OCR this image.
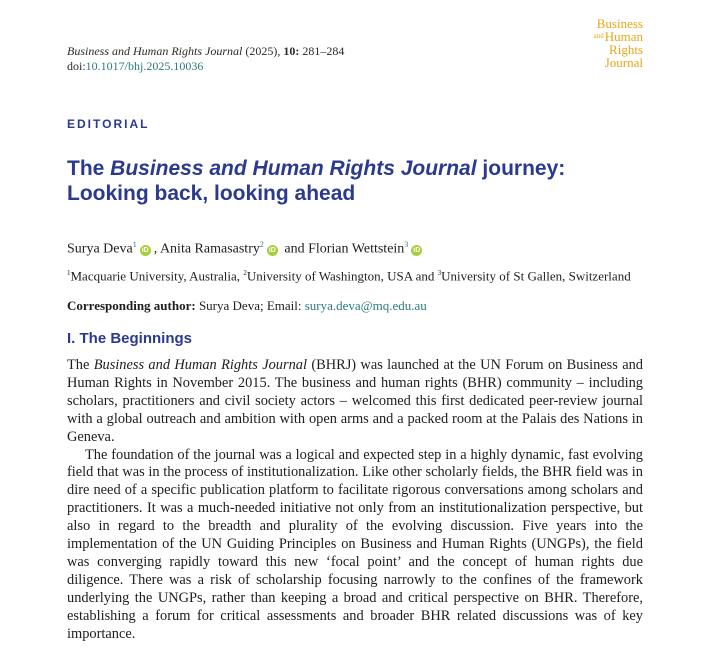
Business and Human Rights Journal (2025), 10: 281–284
doi:10.1017/bhj.2025.10036
Business
$^{and}$Human
Rights
Journal
EDITORIAL
The Business and Human Rights Journal journey: Looking back, looking ahead
Surya Deva$^1$iD , Anita Ramasastry$^2$iD and Florian Wettstein$^3$iD
$^1$Macquarie University, Australia, $^2$University of Washington, USA and $^3$University of St Gallen, Switzerland
Corresponding author: Surya Deva; Email: surya.deva@mq.edu.au
I. The Beginnings

The Business and Human Rights Journal (BHRJ) was launched at the UN Forum on Business and Human Rights in November 2015. The business and human rights (BHR) community – including scholars, practitioners and civil society actors – welcomed this first dedicated peer-review journal with a global outreach and ambition with open arms and a packed room at the Palais des Nations in Geneva.

The foundation of the journal was a logical and expected step in a highly dynamic, fast evolving field that was in the process of institutionalization. Like other scholarly fields, the BHR field was in dire need of a specific publication platform to facilitate rigorous conversations among scholars and practitioners. It was a much-needed initiative not only from an institutionalization perspective, but also in regard to the breadth and plurality of the evolving discussion. Five years into the implementation of the UN Guiding Principles on Business and Human Rights (UNGPs), the field was converging rapidly toward this new ‘focal point’ and the concept of human rights due diligence. There was a risk of scholarship focusing narrowly to the confines of the framework underlying the UNGPs, rather than keeping a broad and critical perspective on BHR. Therefore, establishing a forum for critical assessments and broader BHR related discussions was of key importance.
